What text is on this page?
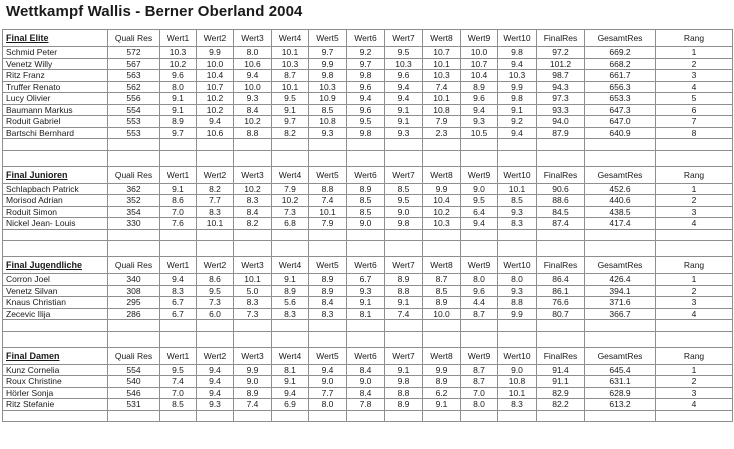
Wettkampf Wallis - Berner Oberland 2004
Final Elite	Quali Res	Wert1	Wert2	Wert3	Wert4	Wert5	Wert6	Wert7	Wert8	Wert9	Wert10	FinalRes	GesamtRes	Rang
Schmid Peter	572	10.3	9.9	8.0	10.1	9.7	9.2	9.5	10.7	10.0	9.8	97.2	669.2	1
Venetz Willy	567	10.2	10.0	10.6	10.3	9.9	9.7	10.3	10.1	10.7	9.4	101.2	668.2	2
Ritz Franz	563	9.6	10.4	9.4	8.7	9.8	9.8	9.6	10.3	10.4	10.3	98.7	661.7	3
Truffer Renato	562	8.0	10.7	10.0	10.1	10.3	9.6	9.4	7.4	8.9	9.9	94.3	656.3	4
Lucy Olivier	556	9.1	10.2	9.3	9.5	10.9	9.4	9.4	10.1	9.6	9.8	97.3	653.3	5
Baumann Markus	554	9.1	10.2	8.4	9.1	8.5	9.6	9.1	10.8	9.4	9.1	93.3	647.3	6
Roduit Gabriel	553	8.9	9.4	10.2	9.7	10.8	9.5	9.1	7.9	9.3	9.2	94.0	647.0	7
Bartschi Bernhard	553	9.7	10.6	8.8	8.2	9.3	9.8	9.3	2.3	10.5	9.4	87.9	640.9	8

Final Junioren	Quali Res	Wert1	Wert2	Wert3	Wert4	Wert5	Wert6	Wert7	Wert8	Wert9	Wert10	FinalRes	GesamtRes	Rang
Schlapbach Patrick	362	9.1	8.2	10.2	7.9	8.8	8.9	8.5	9.9	9.0	10.1	90.6	452.6	1
Morisod Adrian	352	8.6	7.7	8.3	10.2	7.4	8.5	9.5	10.4	9.5	8.5	88.6	440.6	2
Roduit Simon	354	7.0	8.3	8.4	7.3	10.1	8.5	9.0	10.2	6.4	9.3	84.5	438.5	3
Nickel Jean- Louis	330	7.6	10.1	8.2	6.8	7.9	9.0	9.8	10.3	9.4	8.3	87.4	417.4	4

Final Jugendliche	Quali Res	Wert1	Wert2	Wert3	Wert4	Wert5	Wert6	Wert7	Wert8	Wert9	Wert10	FinalRes	GesamtRes	Rang
Corron Joel	340	9.4	8.6	10.1	9.1	8.9	6.7	8.9	8.7	8.0	8.0	86.4	426.4	1
Venetz Silvan	308	8.3	9.5	5.0	8.9	8.9	9.3	8.8	8.5	9.6	9.3	86.1	394.1	2
Knaus Christian	295	6.7	7.3	8.3	5.6	8.4	9.1	9.1	8.9	4.4	8.8	76.6	371.6	3
Zecevic Ilija	286	6.7	6.0	7.3	8.3	8.3	8.1	7.4	10.0	8.7	9.9	80.7	366.7	4

Final Damen	Quali Res	Wert1	Wert2	Wert3	Wert4	Wert5	Wert6	Wert7	Wert8	Wert9	Wert10	FinalRes	GesamtRes	Rang
Kunz Cornelia	554	9.5	9.4	9.9	8.1	9.4	8.4	9.1	9.9	8.7	9.0	91.4	645.4	1
Roux Christine	540	7.4	9.4	9.0	9.1	9.0	9.0	9.8	8.9	8.7	10.8	91.1	631.1	2
Hörler Sonja	546	7.0	9.4	8.9	9.4	7.7	8.4	8.8	6.2	7.0	10.1	82.9	628.9	3
Ritz Stefanie	531	8.5	9.3	7.4	6.9	8.0	7.8	8.9	9.1	8.0	8.3	82.2	613.2	4
